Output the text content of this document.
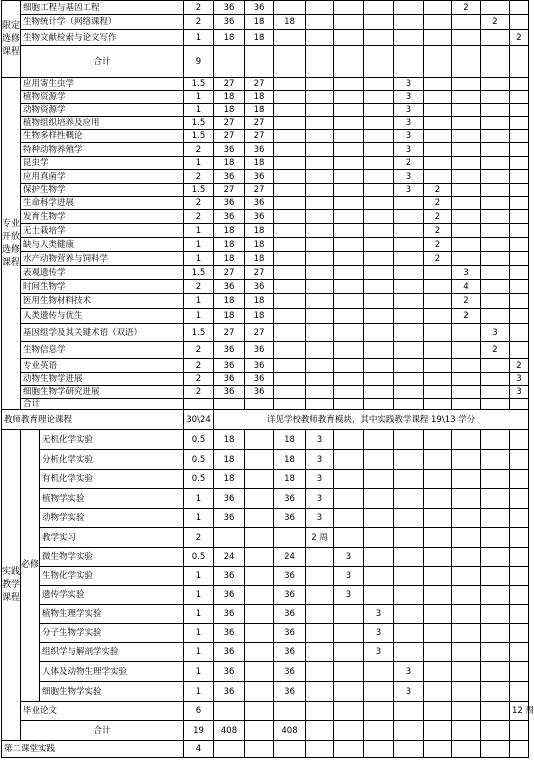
限定选修课程	细胞工程与基因工程		2	36	36							2		
	生物统计学（网络课程）		2	36	18	18							2	
	生物文献检索与论文写作		1	18	18									2
	合计		9											
专业开放选修课程	应用寄生虫学		1.5	27	27					3				
	植物资源学		1	18	18					3				
	动物资源学		1	18	18					3				
	植物组织培养及应用		1.5	27	27					3				
	生物多样性概论		1.5	27	27					3				
	特种动物养殖学		2	36	36					3				
	昆虫学		1	18	18					2				
	应用真菌学		2	36	36					3				
	保护生物学		1.5	27	27					3	2			
	生命科学进展		2	36	36						2			
	发育生物学		2	36	36						2			
	无土栽培学		1	18	18						2			
	缺与人类健康		1	18	18						2			
	水产动物营养与饲料学		1	18	18						2			
	表观遗传学		1.5	27	27							3		
	时间生物学		2	36	36							4		
	医用生物材料技术		1	18	18							2		
	人类遗传与优生		1	18	18							2		
	基因组学及其关键术语（双语）		1.5	27	27								3	
	生物信息学		2	36	36								2	
	专业英语		2	36	36									2
	动物生物学进展		2	36	36									3
	细胞生物学研究进展		2	36	36									3
	合计													
教师教育理论课程			30\24	详见学校教师教育模块，其中实践教学课程 19\13 学分										
实践教学课程	必修	无机化学实验	0.5	18		18	3							
		分析化学实验	0.5	18		18	3							
		有机化学实验	0.5	18		18	3							
		植物学实验	1	36		36	3							
		动物学实验	1	36		36	3							
		教学实习	2				2 周							
		微生物学实验	0.5	24		24		3						
		生物化学实验	1	36		36		3						
		遗传学实验	1	36		36		3						
		植物生理学实验	1	36		36			3					
		分子生物学实验	1	36		36			3					
		组织学与解剖学实验	1	36		36			3					
		人体及动物生理学实验	1	36		36				3				
		细胞生物学实验	1	36		36				3				
	毕业论文		6											12 周
	合计		19	408		408								
第二课堂实践			4											
